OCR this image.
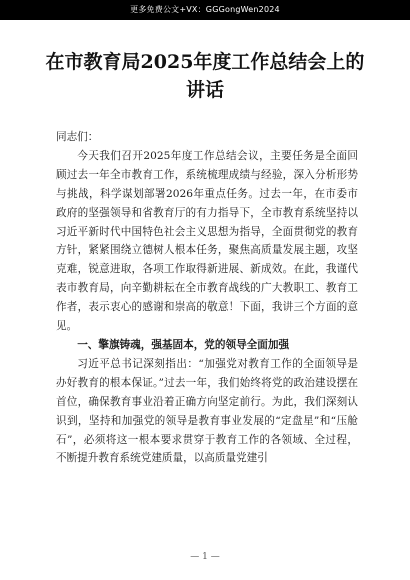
更多免费公文+VX：GGGongWen2024
在市教育局2025年度工作总结会上的讲话

同志们：

今天我们召开2025年度工作总结会议，主要任务是全面回顾过去一年全市教育工作，系统梳理成绩与经验，深入分析形势与挑战，科学谋划部署2026年重点任务。过去一年，在市委市政府的坚强领导和省教育厅的有力指导下，全市教育系统坚持以习近平新时代中国特色社会主义思想为指导，全面贯彻党的教育方针，紧紧围绕立德树人根本任务，聚焦高质量发展主题，攻坚克难，锐意进取，各项工作取得新进展、新成效。在此，我谨代表市教育局，向辛勤耕耘在全市教育战线的广大教职工、教育工作者，表示衷心的感谢和崇高的敬意！下面，我讲三个方面的意见。

一、擎旗铸魂，强基固本，党的领导全面加强

习近平总书记深刻指出：“加强党对教育工作的全面领导是办好教育的根本保证。”过去一年，我们始终将党的政治建设摆在首位，确保教育事业沿着正确方向坚定前行。为此，我们深刻认识到，坚持和加强党的领导是教育事业发展的“定盘星”和“压舱石”，必须将这一根本要求贯穿于教育工作的各领域、全过程，不断提升教育系统党建质量，以高质量党建引

— 1 —
